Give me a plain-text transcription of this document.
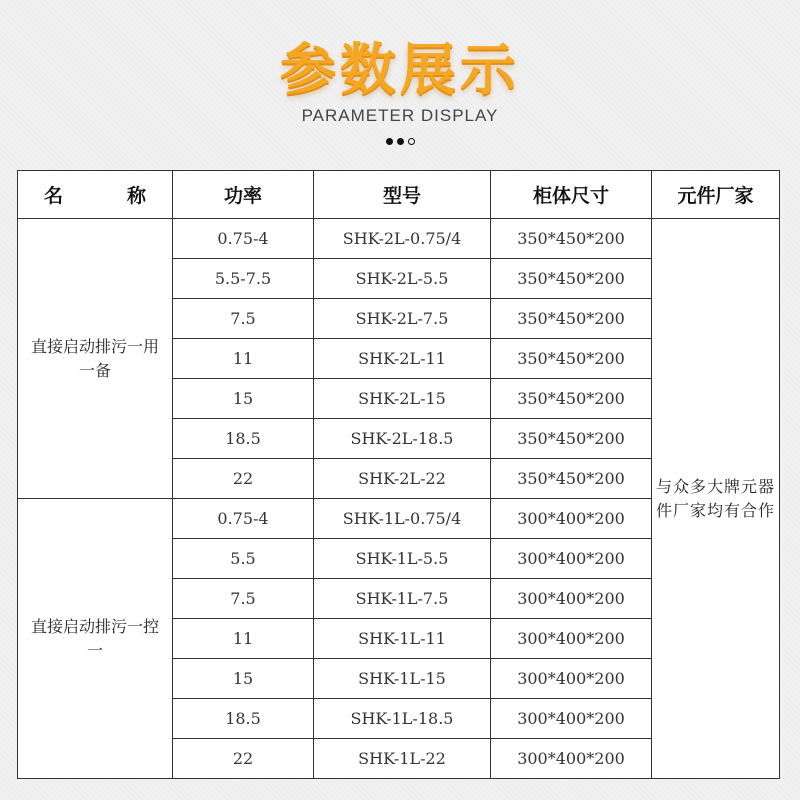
参数展示
PARAMETER DISPLAY
名 称	功率	型号	柜体尺寸	元件厂家
直接启动排污一用一备	0.75-4	SHK-2L-0.75/4	350*450*200	与众多大牌元器件厂家均有合作
	5.5-7.5	SHK-2L-5.5	350*450*200	
	7.5	SHK-2L-7.5	350*450*200	
	11	SHK-2L-11	350*450*200	
	15	SHK-2L-15	350*450*200	
	18.5	SHK-2L-18.5	350*450*200	
	22	SHK-2L-22	350*450*200	
直接启动排污一控一	0.75-4	SHK-1L-0.75/4	300*400*200	
	5.5	SHK-1L-5.5	300*400*200	
	7.5	SHK-1L-7.5	300*400*200	
	11	SHK-1L-11	300*400*200	
	15	SHK-1L-15	300*400*200	
	18.5	SHK-1L-18.5	300*400*200	
	22	SHK-1L-22	300*400*200	
